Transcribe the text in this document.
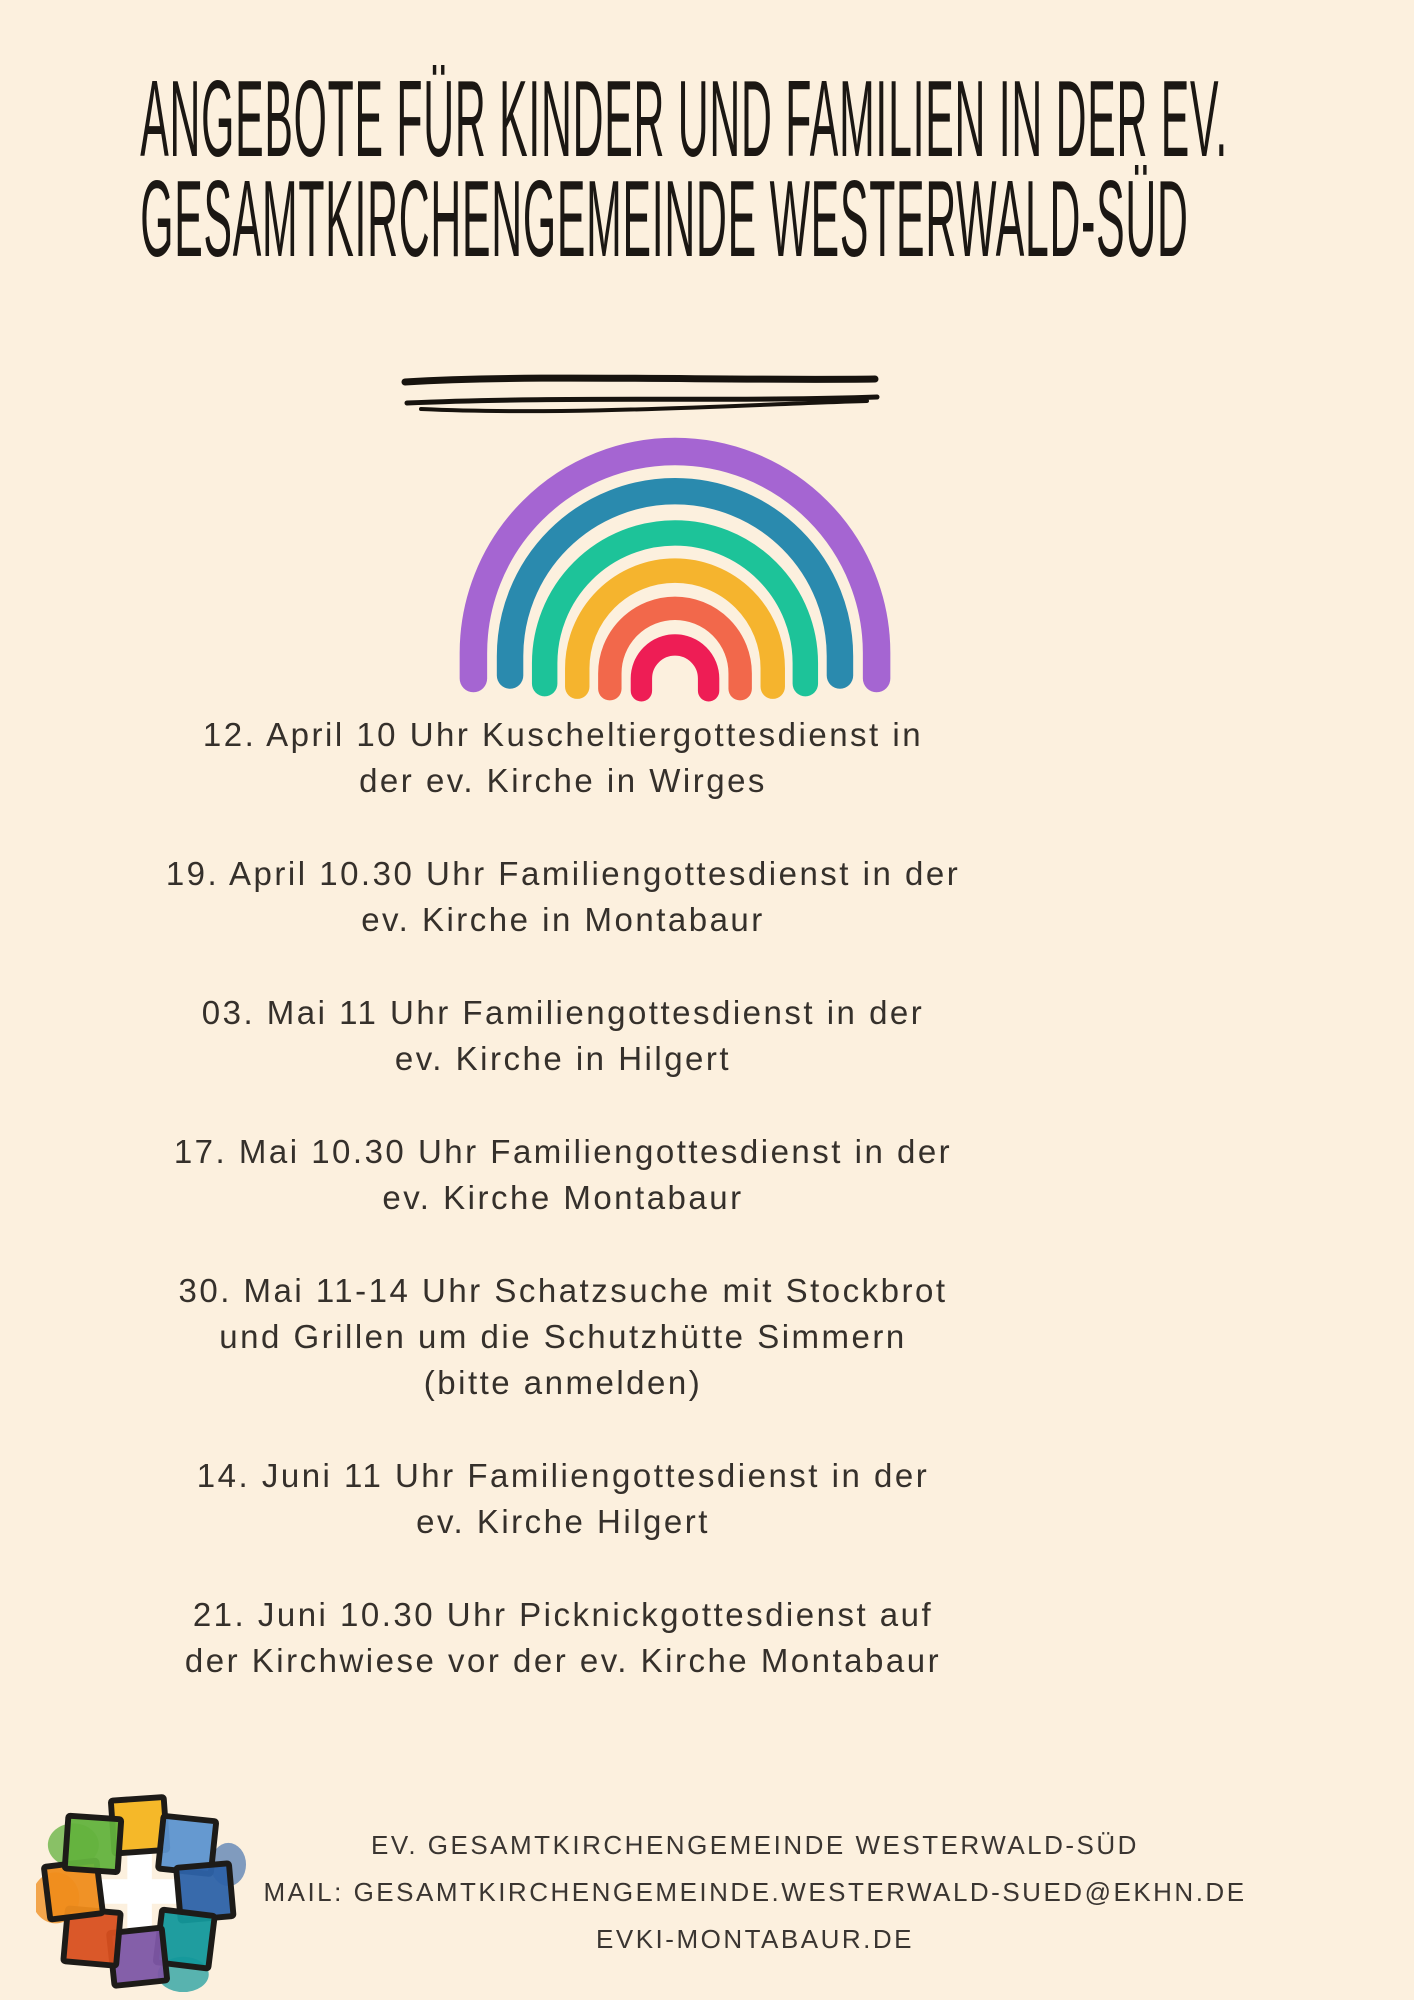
ANGEBOTE FÜR KINDER UND FAMILIEN IN DER EV.
GESAMTKIRCHENGEMEINDE WESTERWALD-SÜD
12. April 10 Uhr Kuscheltiergottesdienst in
der ev. Kirche in Wirges
19. April 10.30 Uhr Familiengottesdienst in der
ev. Kirche in Montabaur
03. Mai 11 Uhr Familiengottesdienst in der
ev. Kirche in Hilgert
17. Mai 10.30 Uhr Familiengottesdienst in der
ev. Kirche Montabaur
30. Mai 11-14 Uhr Schatzsuche mit Stockbrot
und Grillen um die Schutzhütte Simmern
(bitte anmelden)
14. Juni 11 Uhr Familiengottesdienst in der
ev. Kirche Hilgert
21. Juni 10.30 Uhr Picknickgottesdienst auf
der Kirchwiese vor der ev. Kirche Montabaur
EV. GESAMTKIRCHENGEMEINDE WESTERWALD-SÜD
MAIL: GESAMTKIRCHENGEMEINDE.WESTERWALD-SUED@EKHN.DE
EVKI-MONTABAUR.DE
